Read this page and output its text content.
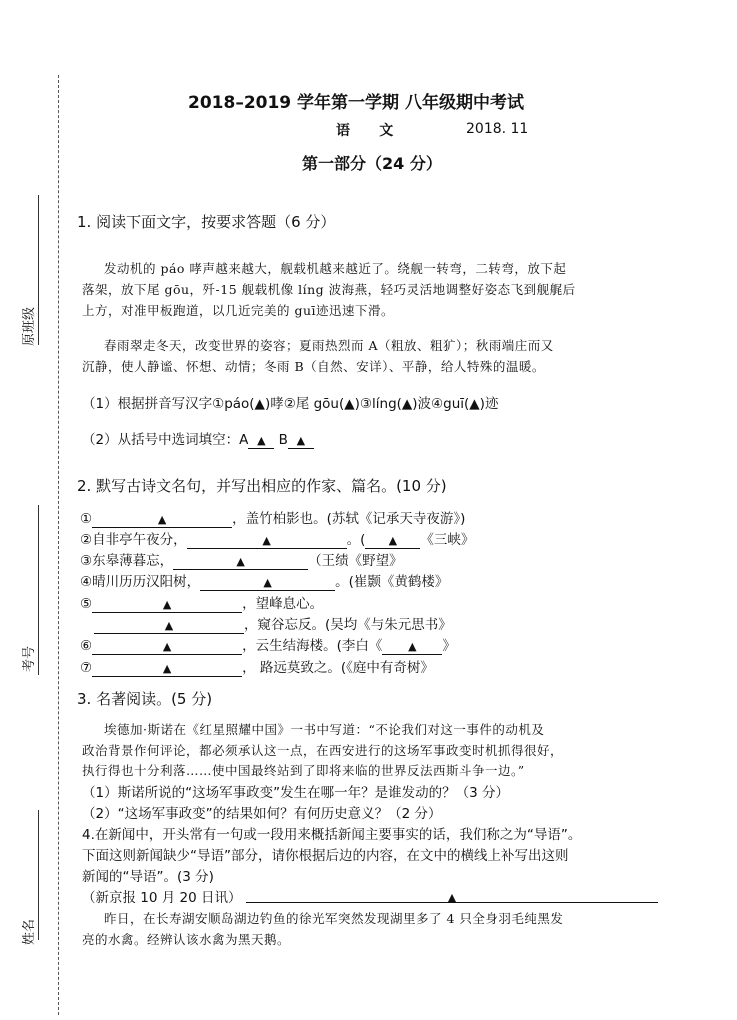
原班级
考号
姓名
2018–2019 学年第一学期 八年级期中考试
语      文	2018. 11
第一部分（24 分）
1. 阅读下面文字，按要求答题（6 分）
发动机的 páo 哮声越来越大，舰载机越来越近了。绕舰一转弯，二转弯，放下起
落架，放下尾 gōu，歼-15 舰载机像 líng 波海燕，轻巧灵活地调整好姿态飞到舰艉后
上方，对准甲板跑道，以几近完美的 guī迹迅速下滑。
春雨翠走冬天，改变世界的姿容；夏雨热烈而 A（粗放、粗犷）；秋雨端庄而又
沉静，使人静谧、怀想、动情；冬雨 B（自然、安详）、平静，给人特殊的温暖。
（1）根据拼音写汉字①páo(▲)哮②尾 gōu(▲)③líng(▲)波④guī(▲)迹
（2）从括号中选词填空：A ▲ B ▲
2. 默写古诗文名句，并写出相应的作家、篇名。(10 分)
①	▲	，盖竹柏影也。(苏轼《记承天寺夜游》)
②自非亭午夜分，	▲	。( ▲ 《三峡》
③东皋薄暮忘，	▲	（王绩《野望》
④晴川历历汉阳树，	▲	。(崔颢《黄鹤楼》
⑤	▲	，望峰息心。
▲	，窥谷忘反。(吴均《与朱元思书》
⑥	▲	，云生结海楼。(李白《 ▲ 》
⑦	▲	， 路远莫致之。(《庭中有奇树》
3. 名著阅读。(5 分)
埃德加·斯诺在《红星照耀中国》一书中写道：“不论我们对这一事件的动机及
政治背景作何评论，都必须承认这一点，在西安进行的这场军事政变时机抓得很好，
执行得也十分利落……使中国最终站到了即将来临的世界反法西斯斗争一边。”
（1）斯诺所说的“这场军事政变”发生在哪一年？是谁发动的？（3 分）
（2）“这场军事政变”的结果如何？有何历史意义？（2 分）
4.在新闻中，开头常有一句或一段用来概括新闻主要事实的话，我们称之为“导语”。
下面这则新闻缺少“导语”部分，请你根据后边的内容，在文中的横线上补写出这则
新闻的“导语”。(3 分)
（新京报 10 月 20 日讯）	▲
昨日，在长寿湖安顺岛湖边钓鱼的徐光军突然发现湖里多了 4 只全身羽毛纯黑发
亮的水禽。经辨认该水禽为黑天鹅。
